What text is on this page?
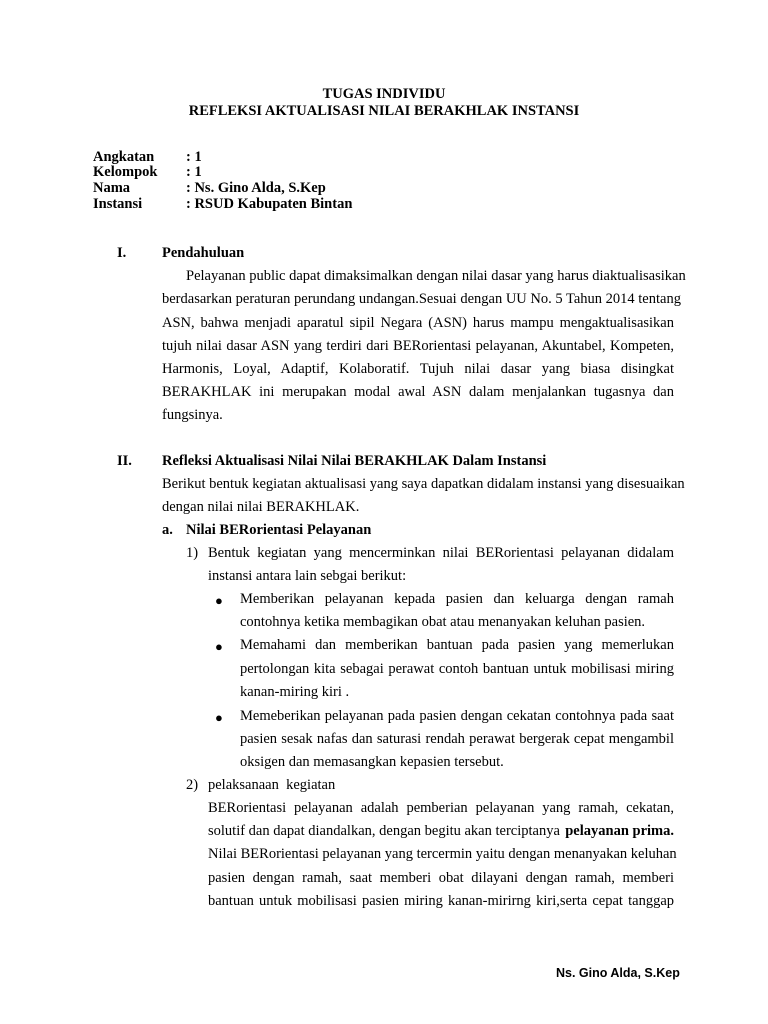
TUGAS INDIVIDU
REFLEKSI AKTUALISASI NILAI BERAKHLAK INSTANSI
Angkatan : 1
Kelompok : 1
Nama	: Ns. Gino Alda, S.Kep
Instansi	: RSUD Kabupaten Bintan
I. Pendahuluan
Pelayanan public dapat dimaksimalkan dengan nilai dasar yang harus diaktualisasikan
berdasarkan peraturan perundang undangan.Sesuai dengan UU No. 5 Tahun 2014 tentang
ASN, bahwa menjadi aparatul sipil Negara (ASN) harus mampu mengaktualisasikan
tujuh nilai dasar ASN yang terdiri dari BERorientasi pelayanan, Akuntabel, Kompeten,
Harmonis, Loyal, Adaptif, Kolaboratif. Tujuh nilai dasar yang biasa disingkat
BERAKHLAK ini merupakan modal awal ASN dalam menjalankan tugasnya dan
fungsinya.
II. Refleksi Aktualisasi Nilai Nilai BERAKHLAK Dalam Instansi
Berikut bentuk kegiatan aktualisasi yang saya dapatkan didalam instansi yang disesuaikan
dengan nilai nilai BERAKHLAK.
a. Nilai BERorientasi Pelayanan
1) Bentuk kegiatan yang mencerminkan nilai BERorientasi pelayanan didalam
instansi antara lain sebgai berikut:
● Memberikan pelayanan kepada pasien dan keluarga dengan ramah
contohnya ketika membagikan obat atau menanyakan keluhan pasien.
● Memahami dan memberikan bantuan pada pasien yang memerlukan
pertolongan kita sebagai perawat contoh bantuan untuk mobilisasi miring
kanan-miring kiri .
● Memeberikan pelayanan pada pasien dengan cekatan contohnya pada saat
pasien sesak nafas dan saturasi rendah perawat bergerak cepat mengambil
oksigen dan memasangkan kepasien tersebut.
2) pelaksanaan  kegiatan
BERorientasi pelayanan adalah pemberian pelayanan yang ramah, cekatan,
solutif dan dapat diandalkan, dengan begitu akan terciptanya pelayanan prima.
Nilai BERorientasi pelayanan yang tercermin yaitu dengan menanyakan keluhan
pasien dengan ramah, saat memberi obat dilayani dengan ramah, memberi
bantuan untuk mobilisasi pasien miring kanan-mirirng kiri,serta cepat tanggap
Ns. Gino Alda, S.Kep
